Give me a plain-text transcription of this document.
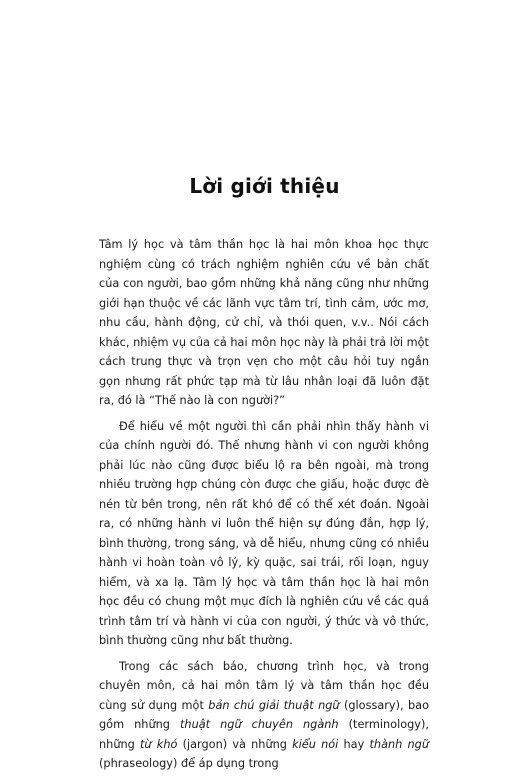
Lời giới thiệu

Tâm lý học và tâm thần học là hai môn khoa học thực nghiệm cùng có trách nghiệm nghiên cứu về bản chất của con người, bao gồm những khả năng cũng như những giới hạn thuộc về các lãnh vực tâm trí, tình cảm, ước mơ, nhu cầu, hành động, cử chỉ, và thói quen, v.v.. Nói cách khác, nhiệm vụ của cả hai môn học này là phải trả lời một cách trung thực và trọn vẹn cho một câu hỏi tuy ngắn gọn nhưng rất phức tạp mà từ lâu nhân loại đã luôn đặt ra, đó là “Thế nào là con người?”

Để hiểu về một người thì cần phải nhìn thấy hành vi của chính người đó. Thế nhưng hành vi con người không phải lúc nào cũng được biểu lộ ra bên ngoài, mà trong nhiều trường hợp chúng còn được che giấu, hoặc được đè nén từ bên trong, nên rất khó để có thể xét đoán. Ngoài ra, có những hành vi luôn thể hiện sự đúng đắn, hợp lý, bình thường, trong sáng, và dễ hiểu, nhưng cũng có nhiều hành vi hoàn toàn vô lý, kỳ quặc, sai trái, rối loạn, nguy hiểm, và xa lạ. Tâm lý học và tâm thần học là hai môn học đều có chung một mục đích là nghiên cứu về các quá trình tâm trí và hành vi của con người, ý thức và vô thức, bình thường cũng như bất thường.

Trong các sách báo, chương trình học, và trong chuyên môn, cả hai môn tâm lý và tâm thần học đều cùng sử dụng một bản chú giải thuật ngữ (glossary), bao gồm những thuật ngữ chuyên ngành (terminology), những từ khó (jargon) và những kiểu nói hay thành ngữ (phraseology) để áp dụng trong
